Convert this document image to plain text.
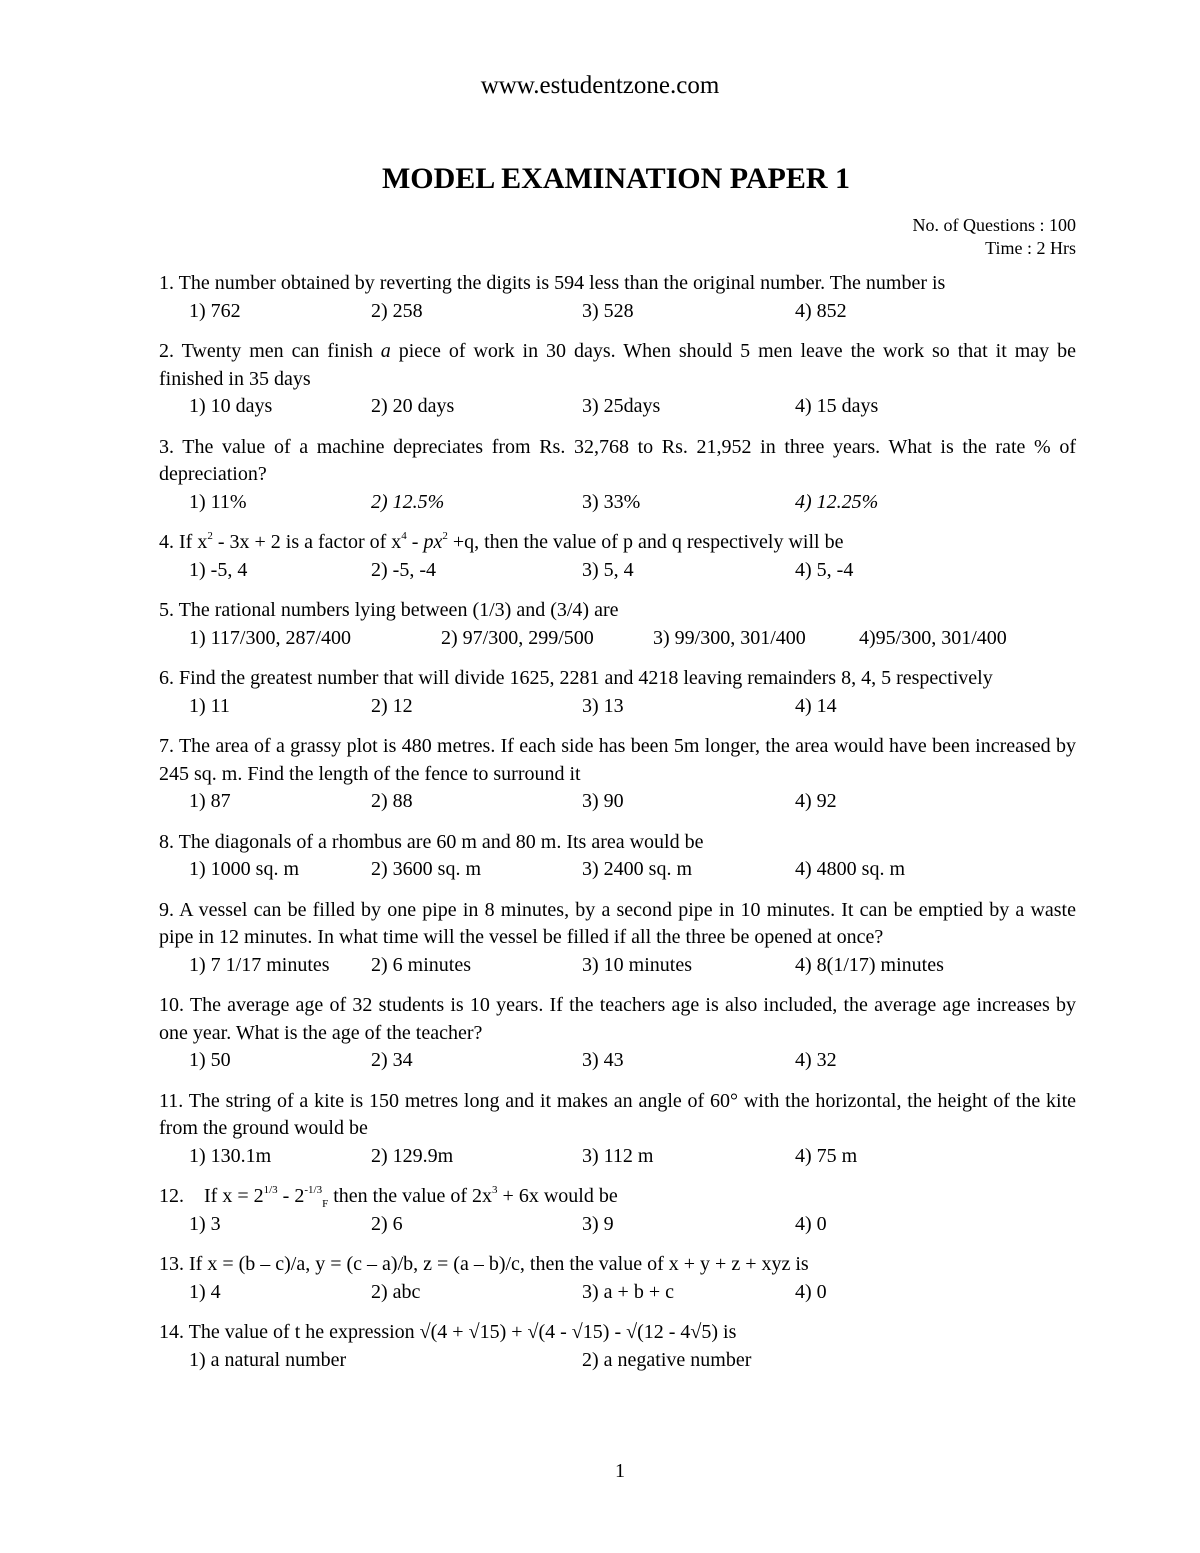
www.estudentzone.com
MODEL EXAMINATION PAPER 1
No. of Questions : 100
Time : 2 Hrs
1. The number obtained by reverting the digits is 594 less than the original number. The number is
1) 762	2) 258	3) 528	4) 852
2. Twenty men can finish a piece of work in 30 days. When should 5 men leave the work so that it may be finished in 35 days
1) 10 days	2) 20 days	3) 25days	4) 15 days
3. The value of a machine depreciates from Rs. 32,768 to Rs. 21,952 in three years. What is the rate % of depreciation?
1) 11%	2) 12.5%	3) 33%	4) 12.25%
4. If $x^2 - 3x + 2$ is a factor of $x^4 - px^2 +q$, then the value of p and q respectively will be
1) -5, 4	2) -5, -4	3) 5, 4	4) 5, -4
5. The rational numbers lying between (1/3) and (3/4) are
1) 117/300, 287/400	2) 97/300, 299/500	3) 99/300, 301/400	4)95/300, 301/400
6. Find the greatest number that will divide 1625, 2281 and 4218 leaving remainders 8, 4, 5 respectively
1) 11	2) 12	3) 13	4) 14
7. The area of a grassy plot is 480 metres. If each side has been 5m longer, the area would have been increased by 245 sq. m. Find the length of the fence to surround it
1) 87	2) 88	3) 90	4) 92
8. The diagonals of a rhombus are 60 m and 80 m. Its area would be
1) 1000 sq. m	2) 3600 sq. m	3) 2400 sq. m	4) 4800 sq. m
9. A vessel can be filled by one pipe in 8 minutes, by a second pipe in 10 minutes. It can be emptied by a waste pipe in 12 minutes. In what time will the vessel be filled if all the three be opened at once?
1) 7 1/17 minutes 2) 6 minutes	3) 10 minutes	4) 8(1/17) minutes
10. The average age of 32 students is 10 years. If the teachers age is also included, the average age increases by one year. What is the age of the teacher?
1) 50	2) 34	3) 43	4) 32
11. The string of a kite is 150 metres long and it makes an angle of 60° with the horizontal, the height of the kite from the ground would be
1) 130.1m	2) 129.9m	3) 112 m	4) 75 m
12.    If $x = 2^{1/3} - 2^{-1/3}_F$ then the value of $2x^3 + 6x$ would be
1) 3	2) 6	3) 9	4) 0
13. If x = (b – c)/a, y = (c – a)/b, z = (a – b)/c, then the value of x + y + z + xyz is
1) 4	2) abc	3) a + b + c	4) 0
14. The value of t he expression √(4 + √15) + √(4 - √15) - √(12 - 4√5) is
1) a natural number	2) a negative number
1
